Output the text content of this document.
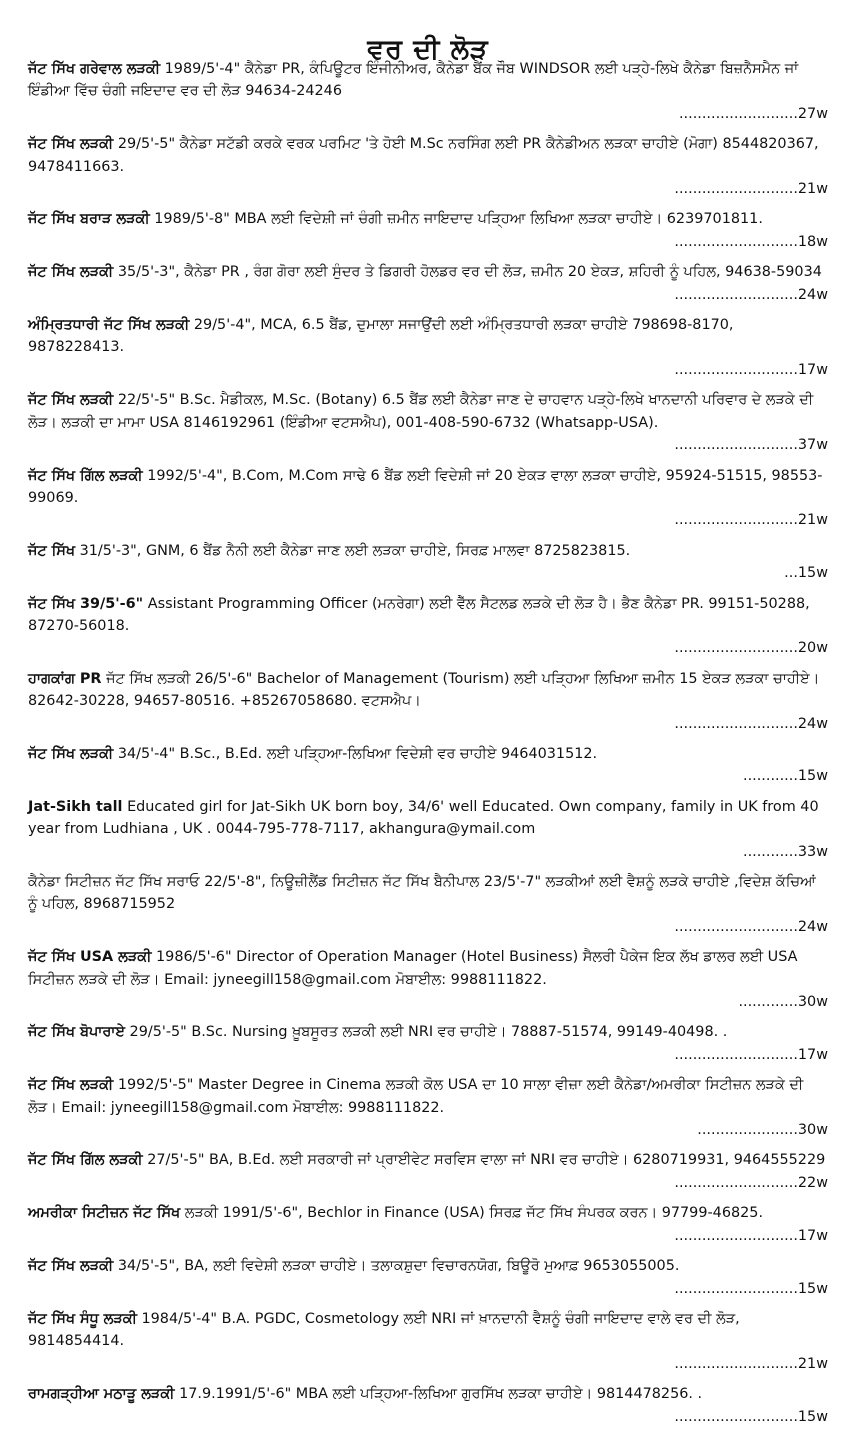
ਵਰ ਦੀ ਲੋੜ
ਜੱਟ ਸਿੱਖ ਗਰੇਵਾਲ ਲੜਕੀ 1989/5'-4" ਕੈਨੇਡਾ PR, ਕੰਪਿਊਟਰ ਇੰਜੀਨੀਅਰ, ਕੈਨੇਡਾ ਬੈਂਕ ਜੌਬ WINDSOR ਲਈ ਪੜ੍ਹੇ-ਲਿਖੇ ਕੈਨੇਡਾ ਬਿਜ਼ਨੈਸਮੈਨ ਜਾਂ ਇੰਡੀਆ ਵਿੱਚ ਚੰਗੀ ਜਇਦਾਦ ਵਰ ਦੀ ਲੋੜ 94634-24246
..........................27w
ਜੱਟ ਸਿੱਖ ਲੜਕੀ 29/5'-5" ਕੈਨੇਡਾ ਸਟੱਡੀ ਕਰਕੇ ਵਰਕ ਪਰਮਿਟ 'ਤੇ ਹੋਈ M.Sc ਨਰਸਿੰਗ ਲਈ PR ਕੈਨੇਡੀਅਨ ਲੜਕਾ ਚਾਹੀਏ (ਮੋਗਾ) 8544820367, 9478411663.
...........................21w
ਜੱਟ ਸਿੱਖ ਬਰਾੜ ਲੜਕੀ 1989/5'-8" MBA ਲਈ ਵਿਦੇਸ਼ੀ ਜਾਂ ਚੰਗੀ ਜ਼ਮੀਨ ਜਾਇਦਾਦ ਪੜ੍ਹਿਆ ਲਿਖਿਆ ਲੜਕਾ ਚਾਹੀਏ। 6239701811.
...........................18w
ਜੱਟ ਸਿੱਖ ਲੜਕੀ 35/5'-3", ਕੈਨੇਡਾ PR , ਰੰਗ ਗੋਰਾ ਲਈ ਸੁੰਦਰ ਤੇ ਡਿਗਰੀ ਹੋਲਡਰ ਵਰ ਦੀ ਲੋੜ, ਜ਼ਮੀਨ 20 ਏਕੜ, ਸ਼ਹਿਰੀ ਨੂੰ ਪਹਿਲ, 94638-59034
...........................24w
ਅੰਮ੍ਰਿਤਧਾਰੀ ਜੱਟ ਸਿੱਖ ਲੜਕੀ 29/5'-4", MCA, 6.5 ਬੈਂਡ, ਦੁਮਾਲਾ ਸਜਾਉਂਦੀ ਲਈ ਅੰਮ੍ਰਿਤਧਾਰੀ ਲੜਕਾ ਚਾਹੀਏ 798698-8170, 9878228413.
...........................17w
ਜੱਟ ਸਿੱਖ ਲੜਕੀ 22/5'-5" B.Sc. ਮੈਡੀਕਲ, M.Sc. (Botany) 6.5 ਬੈਂਡ ਲਈ ਕੈਨੇਡਾ ਜਾਣ ਦੇ ਚਾਹਵਾਨ ਪੜ੍ਹੇ-ਲਿਖੇ ਖਾਨਦਾਨੀ ਪਰਿਵਾਰ ਦੇ ਲੜਕੇ ਦੀ ਲੋੜ। ਲੜਕੀ ਦਾ ਮਾਮਾ USA 8146192961 (ਇੰਡੀਆ ਵਟਸਐਪ), 001-408-590-6732 (Whatsapp-USA).
...........................37w
ਜੱਟ ਸਿੱਖ ਗਿੱਲ ਲੜਕੀ 1992/5'-4", B.Com, M.Com ਸਾਢੇ 6 ਬੈਂਡ ਲਈ ਵਿਦੇਸ਼ੀ ਜਾਂ 20 ਏਕੜ ਵਾਲਾ ਲੜਕਾ ਚਾਹੀਏ, 95924-51515, 98553-99069.
...........................21w
ਜੱਟ ਸਿੱਖ 31/5'-3", GNM, 6 ਬੈਂਡ ਨੈਨੀ ਲਈ ਕੈਨੇਡਾ ਜਾਣ ਲਈ ਲੜਕਾ ਚਾਹੀਏ, ਸਿਰਫ਼ ਮਾਲਵਾ 8725823815.
...15w
ਜੱਟ ਸਿੱਖ 39/5'-6" Assistant Programming Officer (ਮਨਰੇਗਾ) ਲਈ ਵੈੱਲ ਸੈਟਲਡ ਲੜਕੇ ਦੀ ਲੋੜ ਹੈ। ਭੈਣ ਕੈਨੇਡਾ PR. 99151-50288, 87270-56018.
...........................20w
ਹਾਗਕਾਂਗ PR ਜੱਟ ਸਿੱਖ ਲੜਕੀ 26/5'-6" Bachelor of Management (Tourism) ਲਈ ਪੜ੍ਹਿਆ ਲਿਖਿਆ ਜ਼ਮੀਨ 15 ਏਕੜ ਲੜਕਾ ਚਾਹੀਏ। 82642-30228, 94657-80516. +85267058680. ਵਟਸਐਪ।
...........................24w
ਜੱਟ ਸਿੱਖ ਲੜਕੀ 34/5'-4" B.Sc., B.Ed. ਲਈ ਪੜ੍ਹਿਆ-ਲਿਖਿਆ ਵਿਦੇਸ਼ੀ ਵਰ ਚਾਹੀਏ 9464031512.
............15w
Jat-Sikh tall Educated girl for Jat-Sikh UK born boy, 34/6' well Educated. Own company, family in UK from 40 year from Ludhiana , UK . 0044-795-778-7117, akhangura@ymail.com
............33w
ਕੈਨੇਡਾ ਸਿਟੀਜ਼ਨ ਜੱਟ ਸਿੱਖ ਸਰਾਓ 22/5'-8", ਨਿਊਜ਼ੀਲੈਂਡ ਸਿਟੀਜ਼ਨ ਜੱਟ ਸਿੱਖ ਬੈਨੀਪਾਲ 23/5'-7" ਲੜਕੀਆਂ ਲਈ ਵੈਸ਼ਨੂੰ ਲੜਕੇ ਚਾਹੀਏ ,ਵਿਦੇਸ਼ ਕੱਚਿਆਂ ਨੂੰ ਪਹਿਲ, 8968715952
...........................24w
ਜੱਟ ਸਿੱਖ USA ਲੜਕੀ 1986/5'-6" Director of Operation Manager (Hotel Business) ਸੈਲਰੀ ਪੈਕੇਜ ਇਕ ਲੱਖ ਡਾਲਰ ਲਈ USA ਸਿਟੀਜ਼ਨ ਲੜਕੇ ਦੀ ਲੋੜ। Email: jyneegill158@gmail.com ਮੋਬਾਈਲ: 9988111822.
.............30w
ਜੱਟ ਸਿੱਖ ਬੋਪਾਰਾਏ 29/5'-5" B.Sc. Nursing ਖ਼ੂਬਸੂਰਤ ਲੜਕੀ ਲਈ NRI ਵਰ ਚਾਹੀਏ। 78887-51574, 99149-40498. .
...........................17w
ਜੱਟ ਸਿੱਖ ਲੜਕੀ 1992/5'-5" Master Degree in Cinema ਲੜਕੀ ਕੋਲ USA ਦਾ 10 ਸਾਲਾ ਵੀਜ਼ਾ ਲਈ ਕੈਨੇਡਾ/ਅਮਰੀਕਾ ਸਿਟੀਜ਼ਨ ਲੜਕੇ ਦੀ ਲੋੜ। Email: jyneegill158@gmail.com ਮੋਬਾਈਲ: 9988111822.
......................30w
ਜੱਟ ਸਿੱਖ ਗਿੱਲ ਲੜਕੀ 27/5'-5" BA, B.Ed. ਲਈ ਸਰਕਾਰੀ ਜਾਂ ਪ੍ਰਾਈਵੇਟ ਸਰਵਿਸ ਵਾਲਾ ਜਾਂ NRI ਵਰ ਚਾਹੀਏ। 6280719931, 9464555229
...........................22w
ਅਮਰੀਕਾ ਸਿਟੀਜ਼ਨ ਜੱਟ ਸਿੱਖ ਲੜਕੀ 1991/5'-6", Bechlor in Finance (USA) ਸਿਰਫ਼ ਜੱਟ ਸਿੱਖ ਸੰਪਰਕ ਕਰਨ। 97799-46825.
...........................17w
ਜੱਟ ਸਿੱਖ ਲੜਕੀ 34/5'-5", BA, ਲਈ ਵਿਦੇਸ਼ੀ ਲੜਕਾ ਚਾਹੀਏ। ਤਲਾਕਸ਼ੁਦਾ ਵਿਚਾਰਨਯੋਗ, ਬਿਊਰੋ ਮੁਆਫ਼ 9653055005.
...........................15w
ਜੱਟ ਸਿੱਖ ਸੰਧੂ ਲੜਕੀ 1984/5'-4" B.A. PGDC, Cosmetology ਲਈ NRI ਜਾਂ ਖ਼ਾਨਦਾਨੀ ਵੈਸ਼ਨੂੰ ਚੰਗੀ ਜਾਇਦਾਦ ਵਾਲੇ ਵਰ ਦੀ ਲੋੜ, 9814854414.
...........................21w
ਰਾਮਗੜ੍ਹੀਆ ਮਠਾੜੂ ਲੜਕੀ 17.9.1991/5'-6" MBA ਲਈ ਪੜ੍ਹਿਆ-ਲਿਖਿਆ ਗੁਰਸਿੱਖ ਲੜਕਾ ਚਾਹੀਏ। 9814478256. .
...........................15w
